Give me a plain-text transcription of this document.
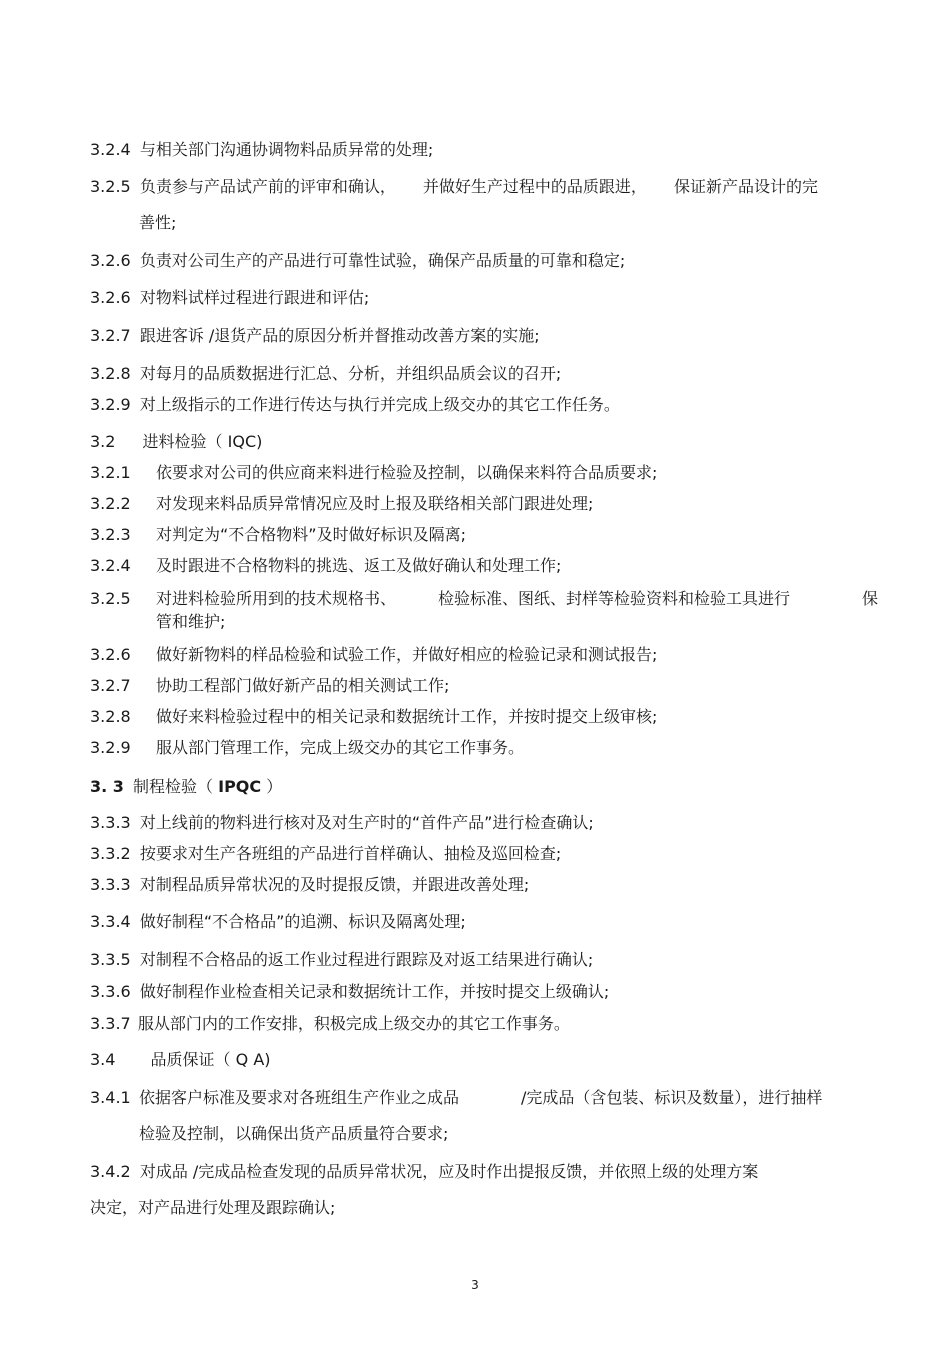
3.2.4 与相关部门沟通协调物料品质异常的处理;
3.2.5 负责参与产品试产前的评审和确认， 并做好生产过程中的品质跟进， 保证新产品设计的完
善性;
3.2.6 负责对公司生产的产品进行可靠性试验，确保产品质量的可靠和稳定;
3.2.6 对物料试样过程进行跟进和评估;
3.2.7 跟进客诉 /退货产品的原因分析并督推动改善方案的实施;
3.2.8 对每月的品质数据进行汇总、分析，并组织品质会议的召开;
3.2.9 对上级指示的工作进行传达与执行并完成上级交办的其它工作任务。
3.2 进料检验（ IQC)
3.2.1 依要求对公司的供应商来料进行检验及控制，以确保来料符合品质要求;
3.2.2 对发现来料品质异常情况应及时上报及联络相关部门跟进处理;
3.2.3 对判定为“不合格物料”及时做好标识及隔离;
3.2.4 及时跟进不合格物料的挑选、返工及做好确认和处理工作;
3.2.5 对进料检验所用到的技术规格书、	检验标准、图纸、封样等检验资料和检验工具进行	保
管和维护;
3.2.6 做好新物料的样品检验和试验工作，并做好相应的检验记录和测试报告;
3.2.7 协助工程部门做好新产品的相关测试工作;
3.2.8 做好来料检验过程中的相关记录和数据统计工作，并按时提交上级审核;
3.2.9 服从部门管理工作，完成上级交办的其它工作事务。
3. 3 制程检验（ IPQC ）
3.3.3 对上线前的物料进行核对及对生产时的“首件产品”进行检查确认;
3.3.2 按要求对生产各班组的产品进行首样确认、抽检及巡回检查;
3.3.3 对制程品质异常状况的及时提报反馈，并跟进改善处理;
3.3.4 做好制程“不合格品”的追溯、标识及隔离处理;
3.3.5 对制程不合格品的返工作业过程进行跟踪及对返工结果进行确认;
3.3.6 做好制程作业检查相关记录和数据统计工作，并按时提交上级确认;
3.3.7 服从部门内的工作安排，积极完成上级交办的其它工作事务。
3.4 品质保证（ Q A)
3.4.1 依据客户标准及要求对各班组生产作业之成品	/完成品（含包装、标识及数量），进行抽样
检验及控制，以确保出货产品质量符合要求;
3.4.2 对成品 /完成品检查发现的品质异常状况，应及时作出提报反馈，并依照上级的处理方案
决定，对产品进行处理及跟踪确认;
3
